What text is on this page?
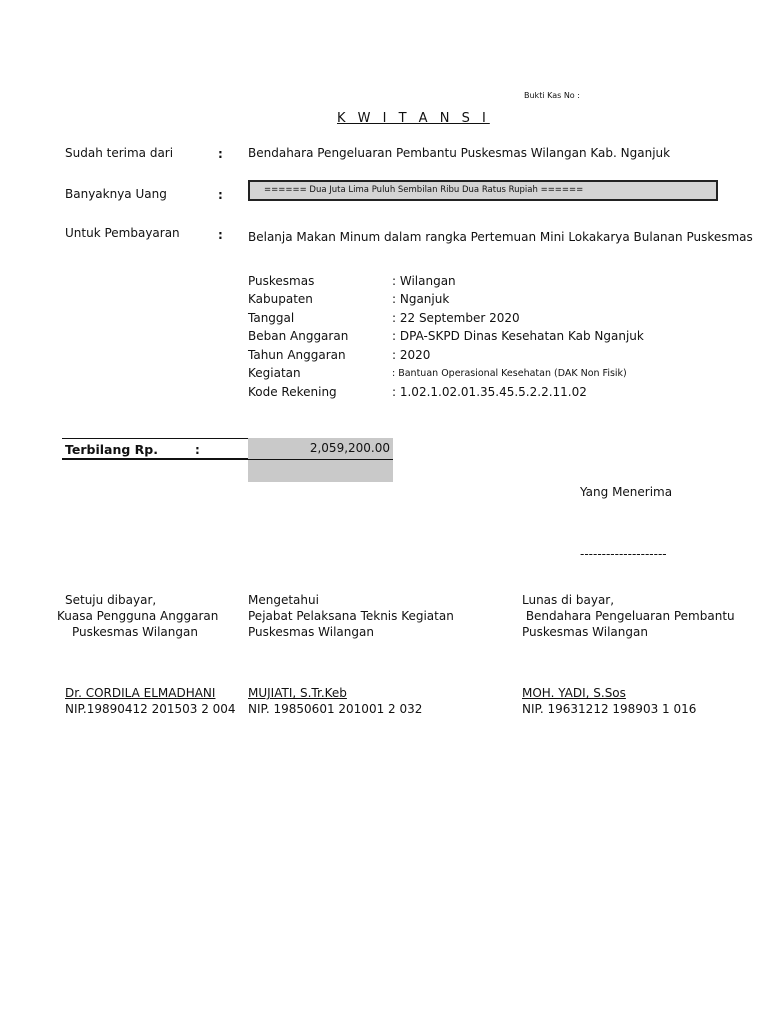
Bukti Kas No :
K W I T A N S I
Sudah terima dari	: Bendahara Pengeluaran Pembantu Puskesmas Wilangan Kab. Nganjuk
Banyaknya Uang	:	====== Dua Juta Lima Puluh Sembilan Ribu Dua Ratus Rupiah ======
Untuk Pembayaran	: Belanja Makan Minum dalam rangka Pertemuan Mini Lokakarya Bulanan Puskesmas
Puskesmas	: Wilangan
Kabupaten	: Nganjuk
Tanggal	: 22 September 2020
Beban Anggaran	: DPA-SKPD Dinas Kesehatan Kab Nganjuk
Tahun Anggaran	: 2020
Kegiatan	: Bantuan Operasional Kesehatan (DAK Non Fisik)
Kode Rekening	: 1.02.1.02.01.35.45.5.2.2.11.02
Terbilang Rp.	:	2,059,200.00
Yang Menerima
--------------------
Setuju dibayar,
Kuasa Pengguna Anggaran
Puskesmas Wilangan
Dr. CORDILA ELMADHANI
NIP.19890412 201503 2 004
Mengetahui
Pejabat Pelaksana Teknis Kegiatan
Puskesmas Wilangan
MUJIATI, S.Tr.Keb
NIP. 19850601 201001 2 032
Lunas di bayar,
Bendahara Pengeluaran Pembantu
Puskesmas Wilangan
MOH. YADI, S.Sos
NIP. 19631212 198903 1 016
